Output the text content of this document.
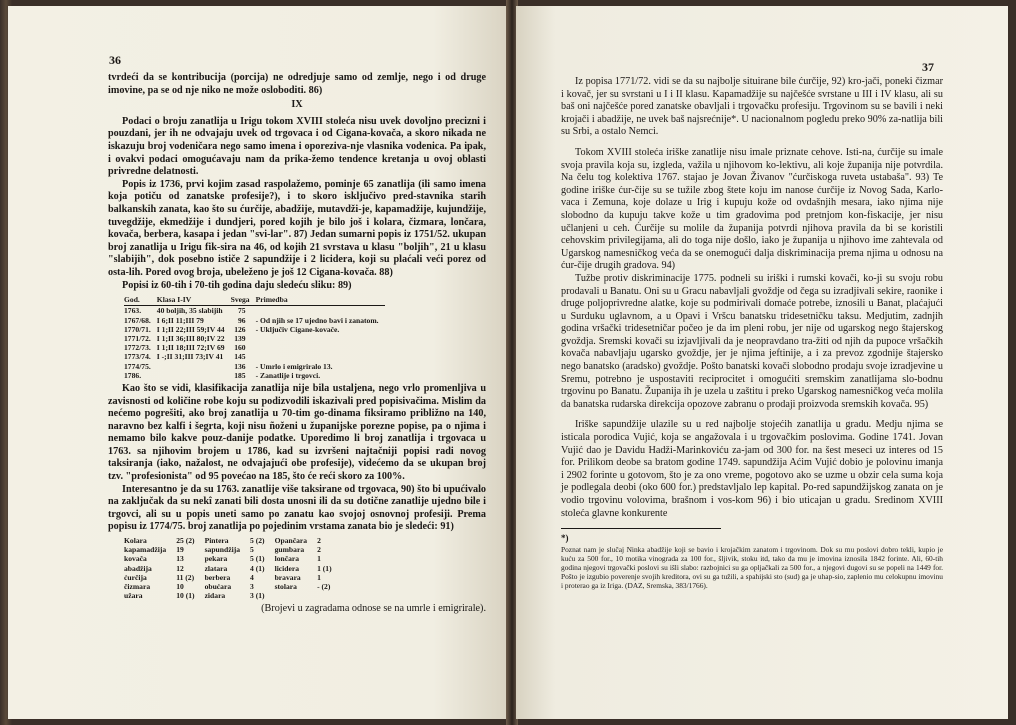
36

tvrdeći da se kontribucija (porcija) ne odredjuje samo od zemlje, nego i od druge imovine, pa se od nje niko ne može osloboditi. 86)

IX

Podaci o broju zanatlija u Irigu tokom XVIII stoleća nisu uvek dovoljno precizni i pouzdani, jer ih ne odvajaju uvek od trgovaca i od Cigana-kovača, a skoro nikada ne iskazuju broj vodeničara nego samo imena i oporeziva-nje vlasnika vodenica. Pa ipak, i ovakvi podaci omogućavaju nam da prika-žemo tendence kretanja u ovoj oblasti privredne delatnosti.

Popis iz 1736, prvi kojim zasad raspolažemo, pominje 65 zanatlija (ili samo imena koja potiču od zanatske profesije?), i to skoro isključivo pred-stavnika starih balkanskih zanata, kao što su ćurčije, abadžije, mutavdži-je, kapamadžije, kujundžije, tuvegdžije, ekmedžije i dundjeri, pored kojih je bilo još i kolara, čizmara, lončara, kovača, berbera, kasapa i jedan "svi-lar". 87) Jedan sumarni popis iz 1751/52. ukupan broj zanatlija u Irigu fik-sira na 46, od kojih 21 svrstava u klasu "boljih", 21 u klasu "slabijih", dok posebno ističe 2 sapundžije i 2 licidera, koji su plaćali veći porez od osta-lih. Pored ovog broja, ubeleženo je još 12 Cigana-kovača. 88)

Popisi iz 60-tih i 70-tih godina daju sledeću sliku: 89)

God.	Klasa I-IV	Svega	Primedba
1763.	40 boljih, 35 slabijih	75	
1767/68.	I 6;II 11;III 79	96	- Od njih se 17 ujedno bavi i zanatom.
1770/71.	I 1;II 22;III 59;IV 44	126	- Uključiv Cigane-kovače.
1771/72.	I 1;II 36;III 80;IV 22	139	
1772/73.	I 1;II 18;III 72;IV 69	160	
1773/74.	I -;II 31;III 73;IV 41	145	
1774/75.		136	- Umrlo i emigriralo 13.
1786.		185	- Zanatlije i trgovci.

Kao što se vidi, klasifikacija zanatlija nije bila ustaljena, nego vrlo promenljiva u zavisnosti od količine robe koju su podizvodili iskazivali pred popisivačima. Mislim da nećemo pogrešiti, ako broj zanatlija u 70-tim go-dinama fiksiramo približno na 140, naravno bez kalfi i šegrta, koji nisu ñoženi u županijske porezne popise, pa o njima i nemamo bilo kakve pouz-danije podatke. Uporedimo li broj zanatlija i trgovaca u 1763. sa njihovim brojem u 1786, kad su izvršeni najtačniji popisi radi novog taksiranja (iako, nažalost, ne odvajajući obe profesije), videćemo da se ukupan broj tzv. "profesionista" od 95 povećao na 185, što će reći skoro za 100%.

Interesantno je da su 1763. zanatlije više taksirane od trgovaca, 90) što bi upućivalo na zaključak da su nekî zanati bili dosta unosni ili da su dotične zanatlije ujedno bile i trgovci, ali su u popis uneti samo po zanatu kao svojoj osnovnoj profesiji. Prema popisu iz 1774/75. broj zanatlija po pojedinim vrstama zanata bio je sledeći: 91)

Kolara	25 (2)	Pintera	5 (2)	Opančara	2
kapamadžija	19	sapundžija	5	gumbara	2
kovača	13	pekara	5 (1)	lončara	1
abadžija	12	zlatara	4 (1)	licidera	1 (1)
ćurčija	11 (2)	berbera	4	bravara	1
čizmara	10	obućara	3	stolara	- (2)
užara	10 (1)	zidara	3 (1)		

(Brojevi u zagradama odnose se na umrle i emigrirale).

37

Iz popisa 1771/72. vidi se da su najbolje situirane bile ćurčije, 92) kro-jači, poneki čizmar i kovač, jer su svrstani u I i II klasu. Kapamadžije su najčešće svrstane u III i IV klasu, ali su baš oni najčešće pored zanatske obavljali i trgovačku profesiju. Trgovinom su se bavili i neki krojači i abadžije, ne uvek baš najsrećnije*. U nacionalnom pogledu preko 90% za-natlija bili su Srbi, a ostalo Nemci.

Tokom XVIII stoleća iriške zanatlije nisu imale priznate cehove. Isti-na, ćurčije su imale svoja pravila koja su, izgleda, važila u njihovom ko-lektivu, ali koje županija nije potvrdila. Na čelu tog kolektiva 1767. stajao je Jovan Živanov "ćurčiskoga ruveta ustabaša". 93) Te godine iriške ćur-čije su se tužile zbog štete koju im nanose ćurčije iz Novog Sada, Karlo-vaca i Zemuna, koje dolaze u Irig i kupuju kože od ovdašnjih mesara, iako njima nije slobodno da kupuju takve kože u tim gradovima pod pretnjom kon-fiskacije, jer nisu učlanjeni u ceh. Ćurčije su molile da županija potvrdi njihova pravila da bi se koristili cehovskim privilegijama, ali do toga nije došlo, iako je županija u njihovo ime zahtevala od Ugarskog namesničkog veća da se onemogući dalja diskriminacija prema njima u odnosu na ćur-čije drugih gradova. 94)

Tužbe protiv diskriminacije 1775. podneli su iriški i rumski kovači, ko-ji su svoju robu prodavali u Banatu. Oni su u Gracu nabavljali gvoždje od čega su izradjivali sekire, raonike i druge poljoprivredne alatke, koje su podmirivali domaće potrebe, iznosili u Banat, plaćajući u Surduku uglavnom, a u Opavi i Vršcu banatsku tridesetničku taksu. Medjutim, zadnjih godina vršački tridesetničar počeo je da im pleni robu, jer nije od ugarskog nego štajerskog gvoždja. Sremski kovači su izjavljivali da je neopravdano tra-žiti od njih da pupoce vršačkih kovača nabavljaju ugarsko gvoždje, jer je njima jeftinije, a i za prevoz zgodnije štajersko nego banatsko (aradsko) gvoždje. Pošto banatski kovači slobodno prodaju svoje izradjevine u Sremu, potrebno je uspostaviti reciprocitet i omogućiti sremskim zanatlijama slo-bodnu trgovinu po Banatu. Županija ih je uzela u zaštitu i preko Ugarskog namesničkog veća molila da banatska rudarska direkcija opozove zabranu o prodaji proizvoda sremskih kovača. 95)

Iriške sapundžije ulazile su u red najbolje stojećih zanatlija u gradu. Medju njima se isticala porodica Vujić, koja se angažovala i u trgovačkim poslovima. Godine 1741. Jovan Vujić dao je Davidu Hadži-Marinkoviću za-jam od 300 for. na šest meseci uz interes od 15 for. Prilikom deobe sa bratom godine 1749. sapundžija Aćim Vujić dobio je polovinu imanja i 2902 forinte u gotovom, što je za ono vreme, pogotovo ako se uzme u obzir cela suma koja je podlegala deobi (oko 600 for.) predstavljalo lep kapital. Po-red sapundžijskog zanata on je vodio trgovinu volovima, brašnom i vos-kom 96) i bio uticajan u gradu. Sredinom XVIII stoleća glavne konkurente

*)

Poznat nam je slučaj Ninka abadžije koji se bavio i krojačkim zanatom i trgovinom. Dok su mu poslovi dobro tekli, kupio je kuću za 500 for., 10 motika vinograda za 100 for., šljivik, stoku itd, tako da mu je imovina iznosila 1842 forinte. Ali, 60-tih godina njegovi trgovački poslovi su išli slabo: razbojnici su ga opljačkali za 500 for., a njegovi dugovi su se popeli na 1449 for. Pošto je izgubio poverenje svojih kreditora, ovi su ga tužili, a spahijski sto (sud) ga je uhap-sio, zaplenio mu celokupnu imovinu i proterao ga iz Iriga. (DAZ, Sremska, 383/1766).
